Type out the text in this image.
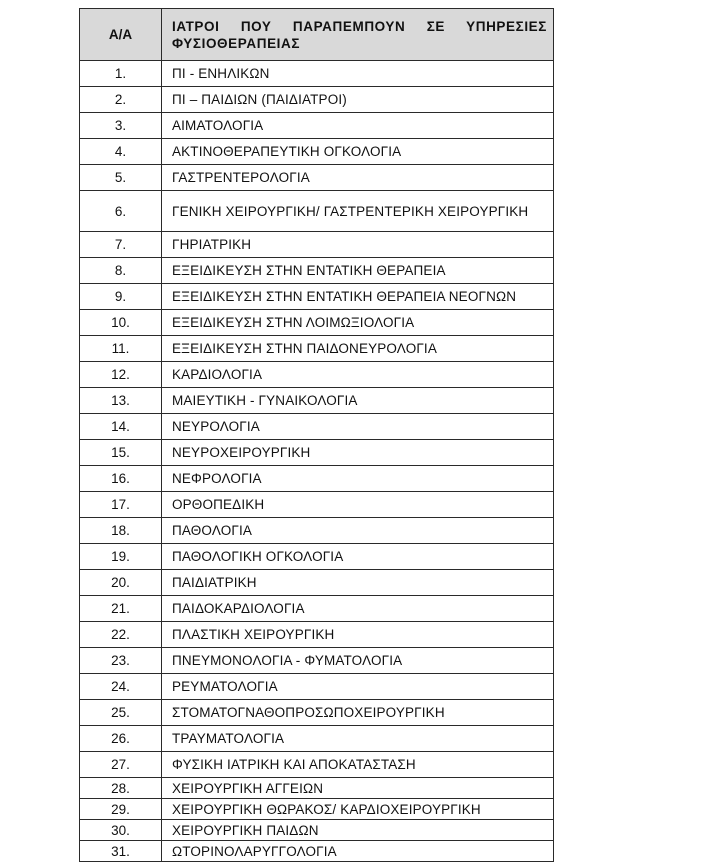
Α/Α	ΙΑΤΡΟΙ ΠΟΥ ΠΑΡΑΠΕΜΠΟΥΝ ΣΕ ΥΠΗΡΕΣΙΕΣ ΦΥΣΙΟΘΕΡΑΠΕΙΑΣ
1.	ΠΙ - ΕΝΗΛΙΚΩΝ
2.	ΠΙ – ΠΑΙΔΙΩΝ (ΠΑΙΔΙΑΤΡΟΙ)
3.	ΑΙΜΑΤΟΛΟΓΙΑ
4.	ΑΚΤΙΝΟΘΕΡΑΠΕΥΤΙΚΗ ΟΓΚΟΛΟΓΙΑ
5.	ΓΑΣΤΡΕΝΤΕΡΟΛΟΓΙΑ
6.	ΓΕΝΙΚΗ ΧΕΙΡΟΥΡΓΙΚΗ/ ΓΑΣΤΡΕΝΤΕΡΙΚΗ ΧΕΙΡΟΥΡΓΙΚΗ
7.	ΓΗΡΙΑΤΡΙΚΗ
8.	ΕΞΕΙΔΙΚΕΥΣΗ ΣΤΗΝ ΕΝΤΑΤΙΚΗ ΘΕΡΑΠΕΙΑ
9.	ΕΞΕΙΔΙΚΕΥΣΗ ΣΤΗΝ ΕΝΤΑΤΙΚΗ ΘΕΡΑΠΕΙΑ ΝΕΟΓΝΩΝ
10.	ΕΞΕΙΔΙΚΕΥΣΗ ΣΤΗΝ ΛΟΙΜΩΞΙΟΛΟΓΙΑ
11.	ΕΞΕΙΔΙΚΕΥΣΗ ΣΤΗΝ ΠΑΙΔΟΝΕΥΡΟΛΟΓΙΑ
12.	ΚΑΡΔΙΟΛΟΓΙΑ
13.	ΜΑΙΕΥΤΙΚΗ - ΓΥΝΑΙΚΟΛΟΓΙΑ
14.	ΝΕΥΡΟΛΟΓΙΑ
15.	ΝΕΥΡΟΧΕΙΡΟΥΡΓΙΚΗ
16.	ΝΕΦΡΟΛΟΓΙΑ
17.	ΟΡΘΟΠΕΔΙΚΗ
18.	ΠΑΘΟΛΟΓΙΑ
19.	ΠΑΘΟΛΟΓΙΚΗ ΟΓΚΟΛΟΓΙΑ
20.	ΠΑΙΔΙΑΤΡΙΚΗ
21.	ΠΑΙΔΟΚΑΡΔΙΟΛΟΓΙΑ
22.	ΠΛΑΣΤΙΚΗ ΧΕΙΡΟΥΡΓΙΚΗ
23.	ΠΝΕΥΜΟΝΟΛΟΓΙΑ - ΦΥΜΑΤΟΛΟΓΙΑ
24.	ΡΕΥΜΑΤΟΛΟΓΙΑ
25.	ΣΤΟΜΑΤΟΓΝΑΘΟΠΡΟΣΩΠΟΧΕΙΡΟΥΡΓΙΚΗ
26.	ΤΡΑΥΜΑΤΟΛΟΓΙΑ
27.	ΦΥΣΙΚΗ ΙΑΤΡΙΚΗ ΚΑΙ ΑΠΟΚΑΤΑΣΤΑΣΗ
28.	ΧΕΙΡΟΥΡΓΙΚΗ ΑΓΓΕΙΩΝ
29.	ΧΕΙΡΟΥΡΓΙΚΗ ΘΩΡΑΚΟΣ/ ΚΑΡΔΙΟΧΕΙΡΟΥΡΓΙΚΗ
30.	ΧΕΙΡΟΥΡΓΙΚΗ ΠΑΙΔΩΝ
31.	ΩΤΟΡΙΝΟΛΑΡΥΓΓΟΛΟΓΙΑ
